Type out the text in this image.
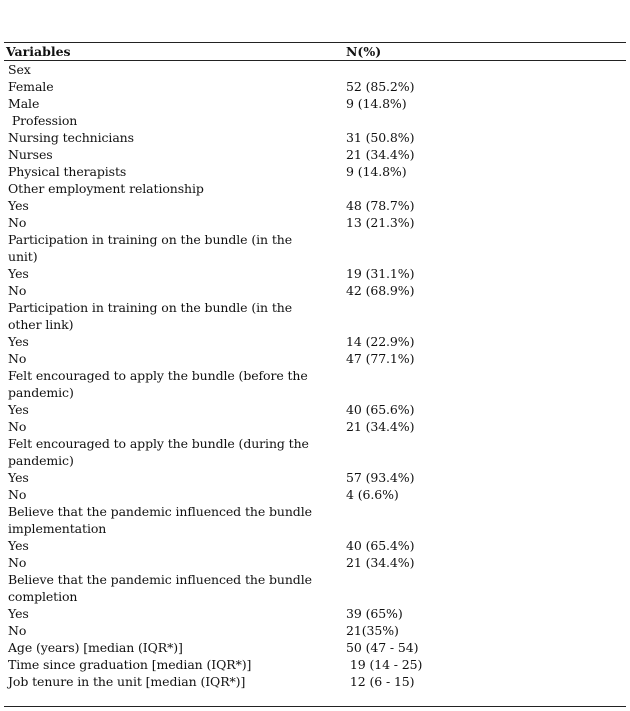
Variables	N(%)
Sex
Female	52 (85.2%)
Male	9 (14.8%)
Profession
Nursing technicians	31 (50.8%)
Nurses	21 (34.4%)
Physical therapists	9 (14.8%)
Other employment relationship
Yes	48 (78.7%)
No	13 (21.3%)
Participation in training on the bundle (in the
unit)
Yes	19 (31.1%)
No	42 (68.9%)
Participation in training on the bundle (in the
other link)
Yes	14 (22.9%)
No	47 (77.1%)
Felt encouraged to apply the bundle (before the
pandemic)
Yes	40 (65.6%)
No	21 (34.4%)
Felt encouraged to apply the bundle (during the
pandemic)
Yes	57 (93.4%)
No	4 (6.6%)
Believe that the pandemic influenced the bundle
implementation
Yes	40 (65.4%)
No	21 (34.4%)
Believe that the pandemic influenced the bundle
completion
Yes	39 (65%)
No	21(35%)
Age (years) [median (IQR*)]	50 (47 - 54)
Time since graduation [median (IQR*)]	19 (14 - 25)
Job tenure in the unit [median (IQR*)]	12 (6 - 15)
